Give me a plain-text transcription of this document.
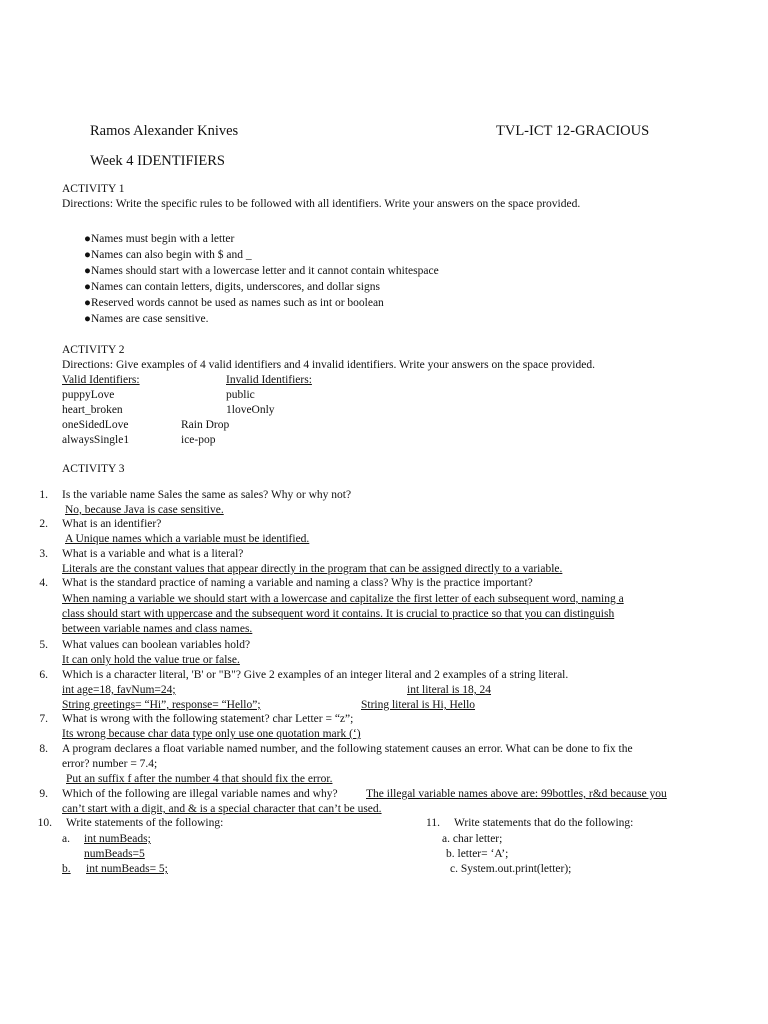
Ramos Alexander Knives	TVL-ICT 12-GRACIOUS
Week 4 IDENTIFIERS
ACTIVITY 1
Directions: Write the specific rules to be followed with all identifiers. Write your answers on the space provided.
●Names must begin with a letter
●Names can also begin with $ and _
●Names should start with a lowercase letter and it cannot contain whitespace
●Names can contain letters, digits, underscores, and dollar signs
●Reserved words cannot be used as names such as int or boolean
●Names are case sensitive.
ACTIVITY 2
Directions: Give examples of 4 valid identifiers and 4 invalid identifiers. Write your answers on the space provided.
Valid Identifiers:	Invalid Identifiers:
puppyLove	public
heart_broken	1loveOnly
oneSidedLove	Rain Drop
alwaysSingle1	ice-pop
ACTIVITY 3
1. Is the variable name Sales the same as sales? Why or why not?
No, because Java is case sensitive.
2. What is an identifier?
A Unique names which a variable must be identified.
3. What is a variable and what is a literal?
Literals are the constant values that appear directly in the program that can be assigned directly to a variable.
4. What is the standard practice of naming a variable and naming a class? Why is the practice important?
When naming a variable we should start with a lowercase and capitalize the first letter of each subsequent word, naming a
class should start with uppercase and the subsequent word it contains. It is crucial to practice so that you can distinguish
between variable names and class names.
5. What values can boolean variables hold?
It can only hold the value true or false.
6. Which is a character literal, 'B' or "B"? Give 2 examples of an integer literal and 2 examples of a string literal.
int age=18, favNum=24;	int literal is 18, 24
String greetings= “Hi”, response= “Hello”;	String literal is Hi, Hello
7. What is wrong with the following statement? char Letter = “z”;
Its wrong because char data type only use one quotation mark (‘)
8. A program declares a float variable named number, and the following statement causes an error. What can be done to fix the
error? number = 7.4;
Put an suffix f after the number 4 that should fix the error.
9. Which of the following are illegal variable names and why? The illegal variable names above are: 99bottles, r&d because you
can’t start with a digit, and & is a special character that can’t be used.
10. Write statements of the following:
a. int numBeads;
numBeads=5
b. int numBeads= 5;
11. Write statements that do the following:
a. char letter;
b. letter= ‘A’;
c. System.out.print(letter);
